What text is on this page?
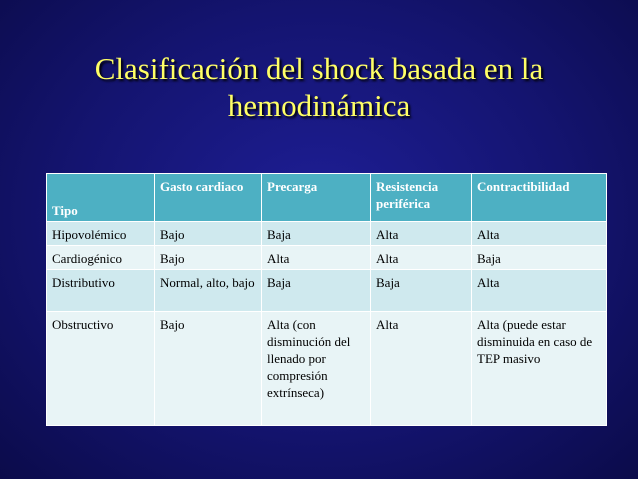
Clasificación del shock basada en la
hemodinámica
Tipo	Gasto cardiaco	Precarga	Resistencia periférica	Contractibilidad
Hipovolémico	Bajo	Baja	Alta	Alta
Cardiogénico	Bajo	Alta	Alta	Baja
Distributivo	Normal, alto, bajo	Baja	Baja	Alta
Obstructivo	Bajo	Alta (con disminución del llenado por compresión extrínseca)	Alta	Alta (puede estar disminuida en caso de TEP masivo
